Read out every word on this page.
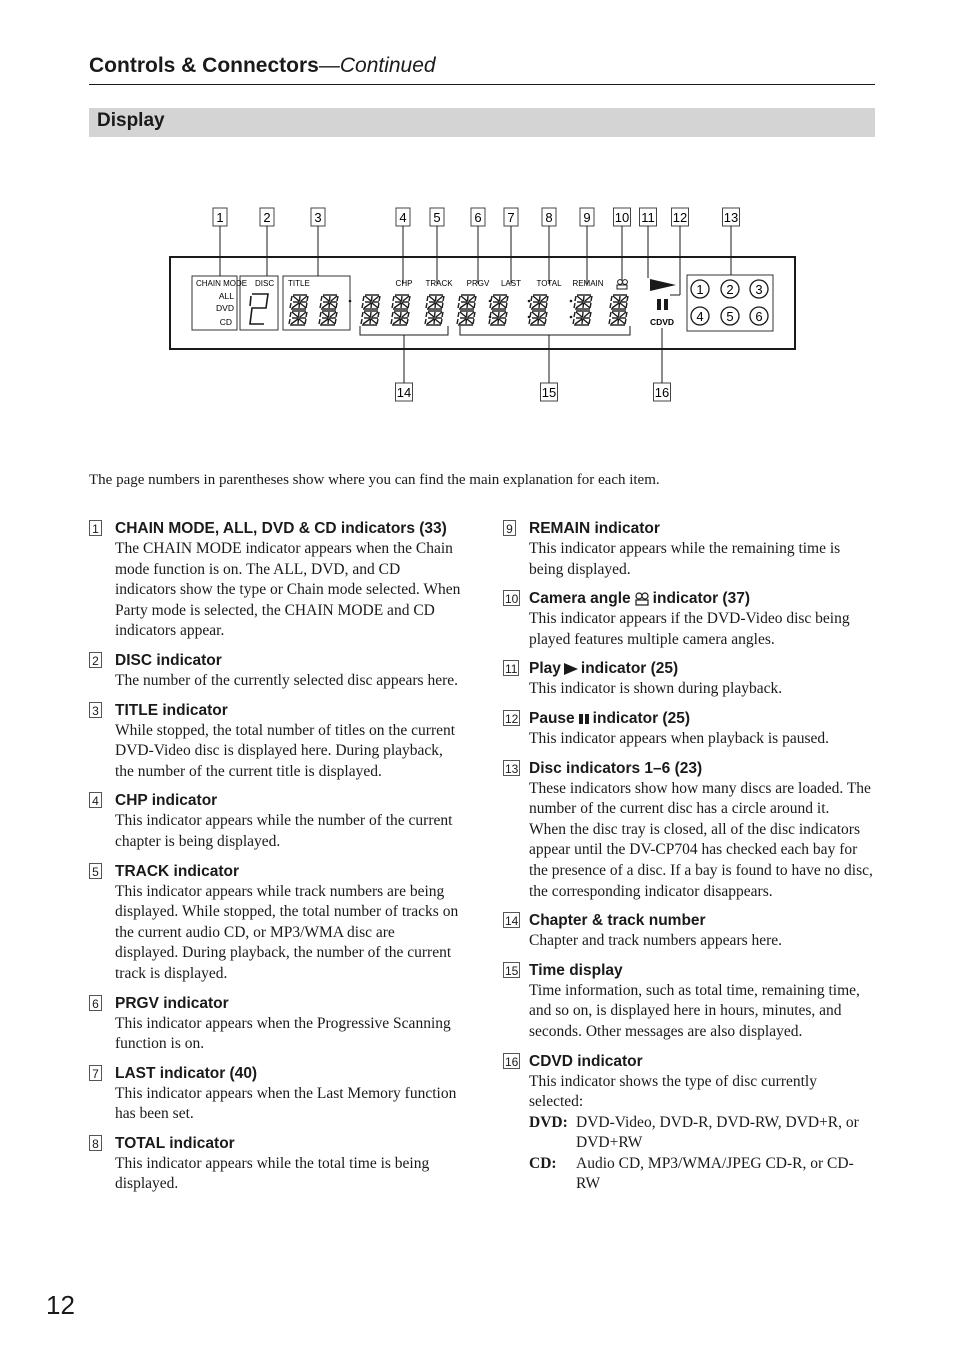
Controls & Connectors—Continued
Display
1	2	3	4 5	6 7 8 9 10 11 12	13
14	15	16
CHAIN MODE DISC
ALL
DVD
CD
TITLE	CHP TRACK PRGV LAST TOTAL REMAIN
CDVD
1 2 3
4 5 6
The page numbers in parentheses show where you can find the main explanation for each item.
1 CHAIN MODE, ALL, DVD & CD indicators (33)
The CHAIN MODE indicator appears when the Chain mode function is on. The ALL, DVD, and CD indicators show the type or Chain mode selected. When Party mode is selected, the CHAIN MODE and CD indicators appear.
2 DISC indicator
The number of the currently selected disc appears here.
3 TITLE indicator
While stopped, the total number of titles on the current DVD-Video disc is displayed here. During playback, the number of the current title is displayed.
4 CHP indicator
This indicator appears while the number of the current chapter is being displayed.
5 TRACK indicator
This indicator appears while track numbers are being displayed. While stopped, the total number of tracks on the current audio CD, or MP3/WMA disc are displayed. During playback, the number of the current track is displayed.
6 PRGV indicator
This indicator appears when the Progressive Scanning function is on.
7 LAST indicator (40)
This indicator appears when the Last Memory function has been set.
8 TOTAL indicator
This indicator appears while the total time is being displayed.
9 REMAIN indicator
This indicator appears while the remaining time is being displayed.
10 Camera angle indicator (37)
This indicator appears if the DVD-Video disc being played features multiple camera angles.
11 Play indicator (25)
This indicator is shown during playback.
12 Pause indicator (25)
This indicator appears when playback is paused.
13 Disc indicators 1–6 (23)
These indicators show how many discs are loaded. The number of the current disc has a circle around it.
When the disc tray is closed, all of the disc indicators appear until the DV-CP704 has checked each bay for the presence of a disc. If a bay is found to have no disc, the corresponding indicator disappears.
14 Chapter & track number
Chapter and track numbers appears here.
15 Time display
Time information, such as total time, remaining time, and so on, is displayed here in hours, minutes, and seconds. Other messages are also displayed.
16 CDVD indicator
This indicator shows the type of disc currently selected:
DVD: DVD-Video, DVD-R, DVD-RW, DVD+R, or DVD+RW
CD:	Audio CD, MP3/WMA/JPEG CD-R, or CD-RW
12
